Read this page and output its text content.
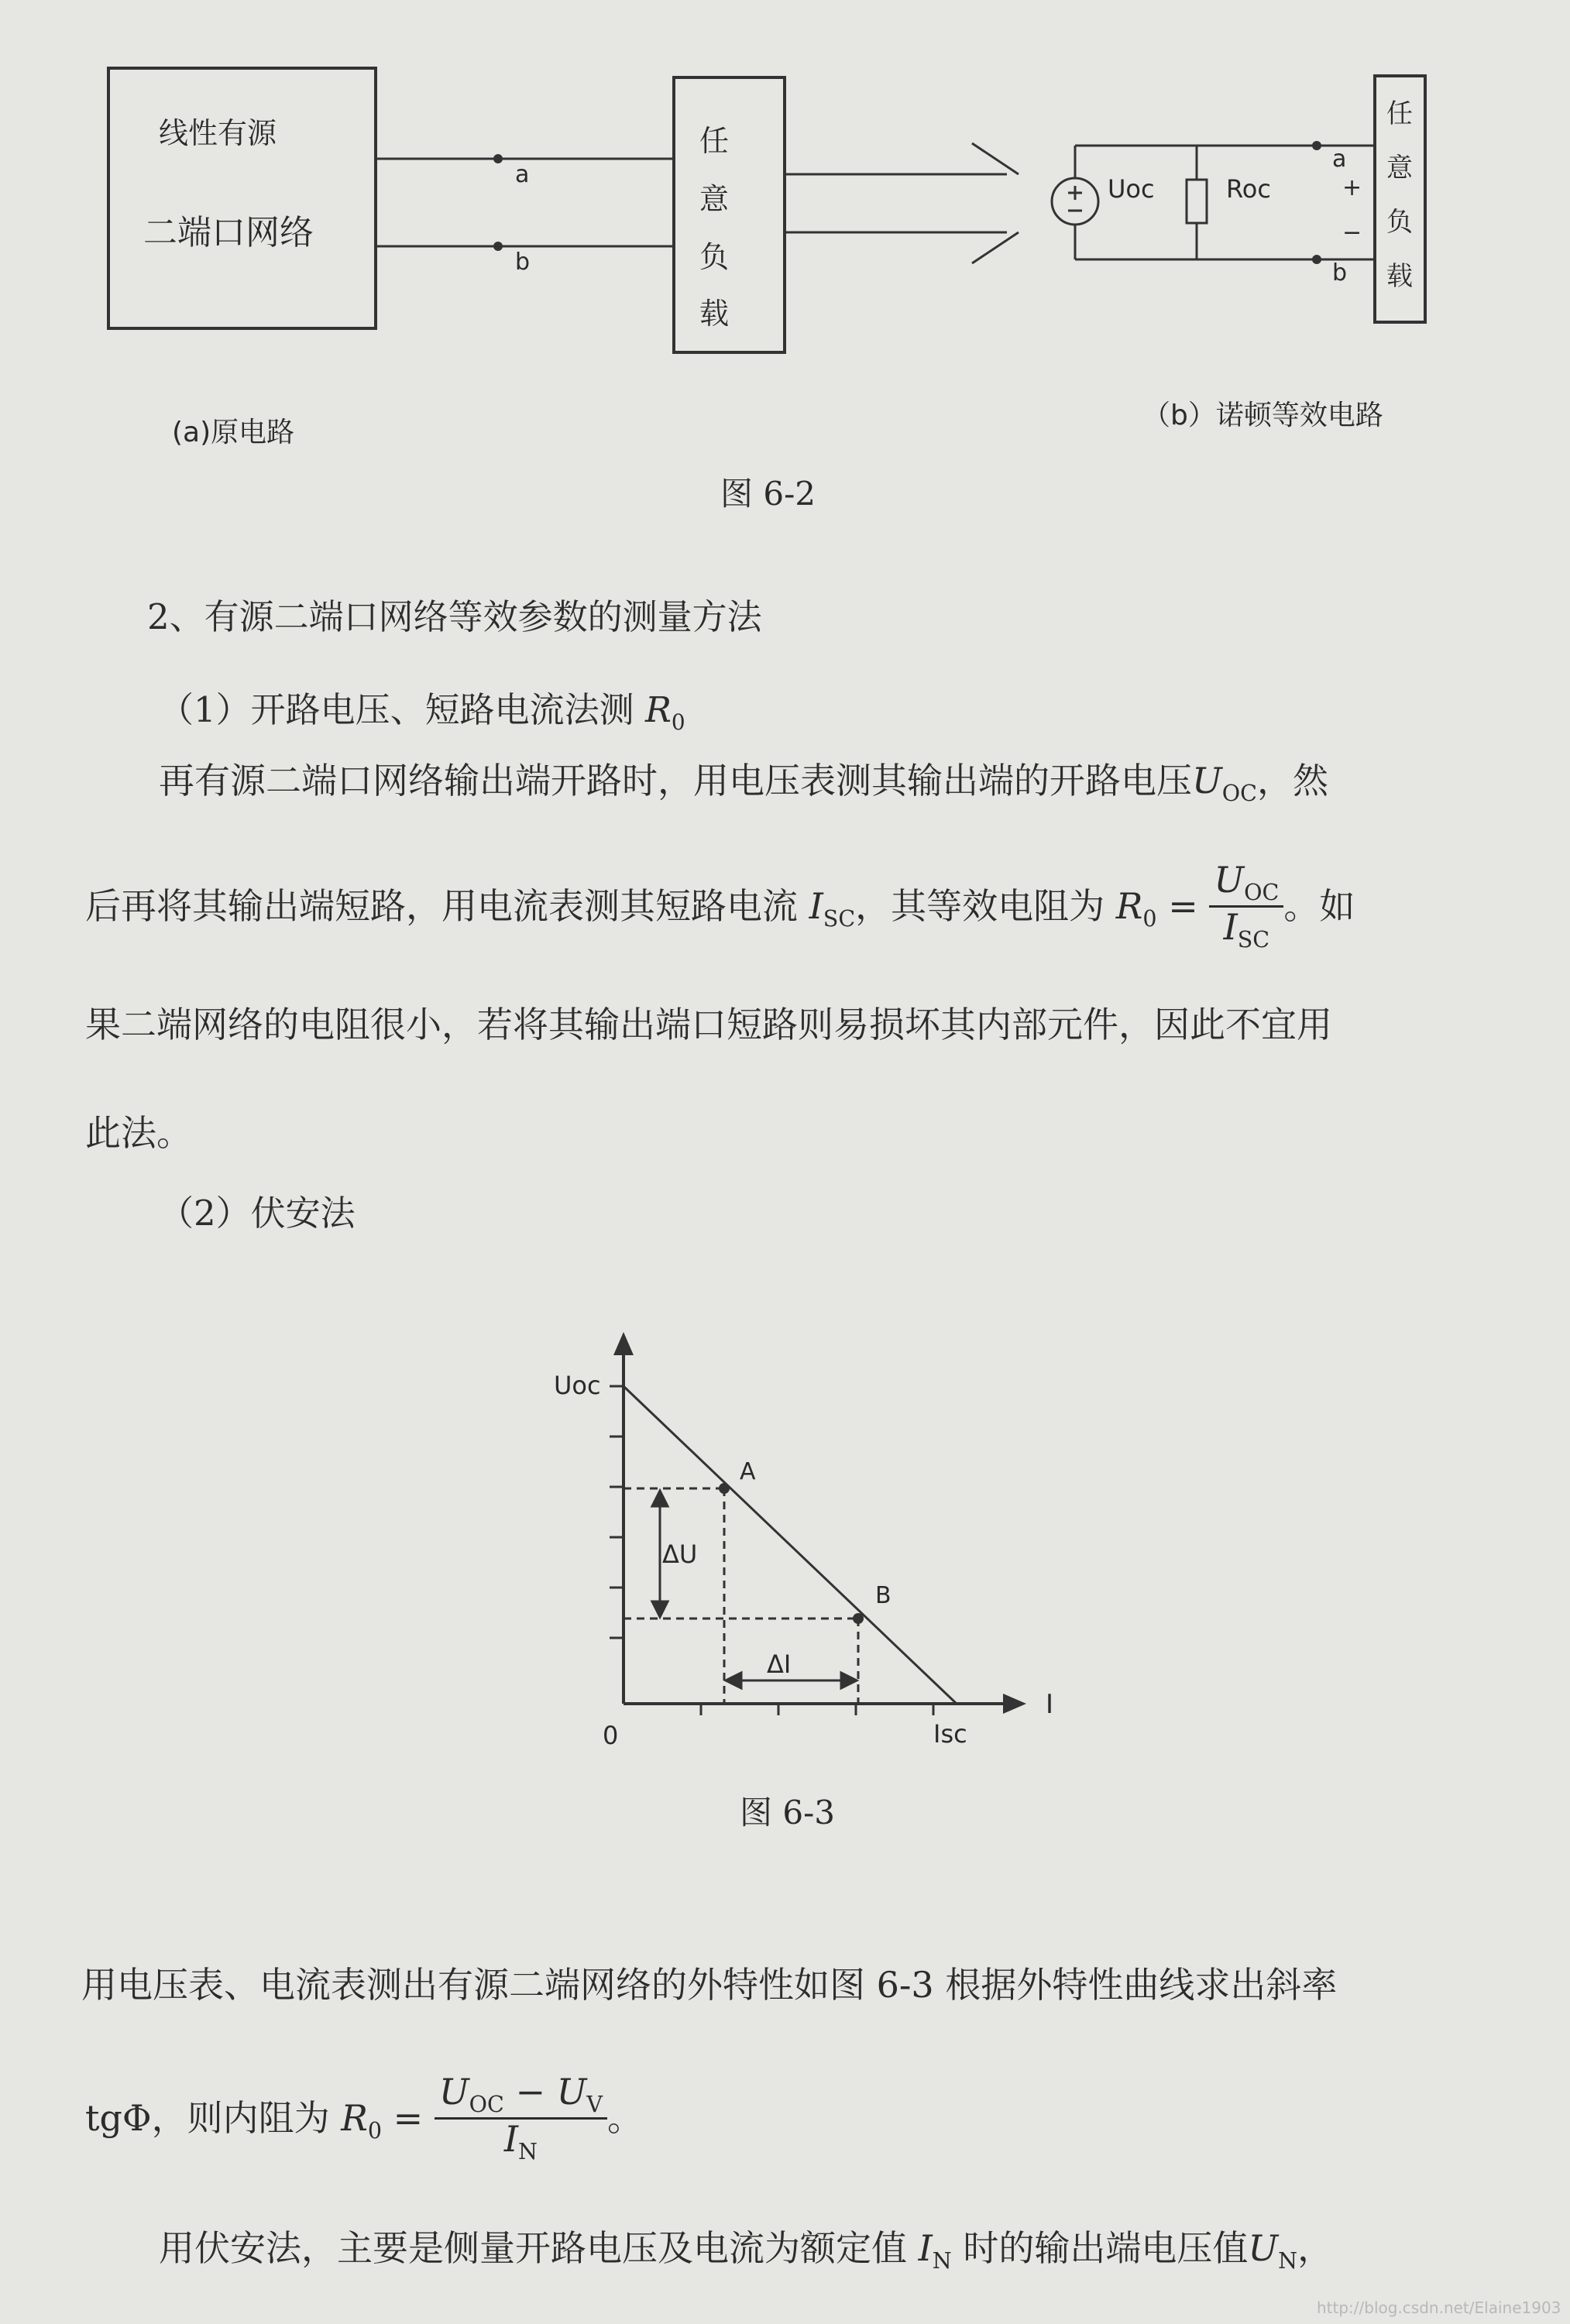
线性有源
二端口网络
a
b
任
意
负
载
Uoc	Roc
a
+
−
b
任
意
负
载
(a)原电路
（b）诺顿等效电路
图 6-2
2、有源二端口网络等效参数的测量方法
（1）开路电压、短路电流法测 $R_0$
再有源二端口网络输出端开路时，用电压表测其输出端的开路电压$U_{OC}$，然
后再将其输出端短路，用电流表测其短路电流 $I_{SC}$，其等效电阻为 $R_0 = \frac{U_{OC}}{I_{SC}}$ 。如
果二端网络的电阻很小，若将其输出端口短路则易损坏其内部元件，因此不宜用
此法。
（2）伏安法
Uoc
0	Isc
I
A
B
ΔU
ΔI
图 6-3
用电压表、电流表测出有源二端网络的外特性如图 6-3 根据外特性曲线求出斜率
tgΦ，则内阻为 $R_0 = \frac{U_{OC} - U_V}{I_N}$ 。
用伏安法，主要是侧量开路电压及电流为额定值 $I_N$ 时的输出端电压值$U_N$，
http://blog.csdn.net/Elaine1903
